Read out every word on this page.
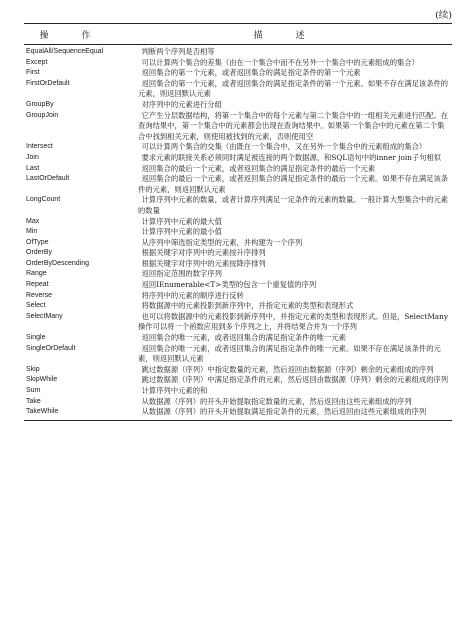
(续)
操　作	描　述
EqualAll/SequenceEqual	判断两个序列是否相等
Except	可以计算两个集合的差集（由在一个集合中而不在另外一个集合中的元素组成的集合）
First	返回集合的第一个元素，或者返回集合的满足指定条件的第一个元素
FirstOrDefault	返回集合的第一个元素，或者返回集合的满足指定条件的第一个元素。如果不存在满足该条件的元素，则返回默认元素
GroupBy	对序列中的元素进行分组
GroupJoin	它产生分层数据结构，将第一个集合中的每个元素与第二个集合中的一组相关元素进行匹配。在查询结果中，第一个集合中的元素都会出现在查询结果中。如果第一个集合中的元素在第二个集合中找到相关元素，则使用被找到的元素，否则使用空
Intersect	可以计算两个集合的交集（由既在一个集合中，又在另外一个集合中的元素组成的集合）
Join	要求元素的联接关系必须同时满足被连接的两个数据源，和SQL语句中的inner join子句相似
Last	返回集合的最后一个元素，或者返回集合的满足指定条件的最后一个元素
LastOrDefault	返回集合的最后一个元素，或者返回集合的满足指定条件的最后一个元素。如果不存在满足该条件的元素，则返回默认元素
LongCount	计算序列中元素的数量，或者计算序列满足一定条件的元素的数量。一般计算大型集合中的元素的数量
Max	计算序列中元素的最大值
Min	计算序列中元素的最小值
OfType	从序列中筛选指定类型的元素，并构建为一个序列
OrderBy	根据关键字对序列中的元素按升序排列
OrderByDescending	根据关键字对序列中的元素按降序排列
Range	返回指定范围的数字序列
Repeat	返回IEnumerable<T>类型的包含一个重复值的序列
Reverse	将序列中的元素的顺序进行反转
Select	将数据源中的元素投影到新序列中，并指定元素的类型和表现形式
SelectMany	也可以将数据源中的元素投影到新序列中，并指定元素的类型和表现形式。但是，SelectMany操作可以将一个函数应用到多个序列之上，并将结果合并为一个序列
Single	返回集合的唯一元素，或者返回集合的满足指定条件的唯一元素
SingleOrDefault	返回集合的唯一元素，或者返回集合的满足指定条件的唯一元素。如果不存在满足该条件的元素，则返回默认元素
Skip	跳过数据源（序列）中指定数量的元素，然后返回由数据源（序列）剩余的元素组成的序列
SkipWhile	跳过数据源（序列）中满足指定条件的元素，然后返回由数据源（序列）剩余的元素组成的序列
Sum	计算序列中元素的和
Take	从数据源（序列）的开头开始提取指定数量的元素，然后返回由这些元素组成的序列
TakeWhile	从数据源（序列）的开头开始提取满足指定条件的元素，然后返回由这些元素组成的序列
